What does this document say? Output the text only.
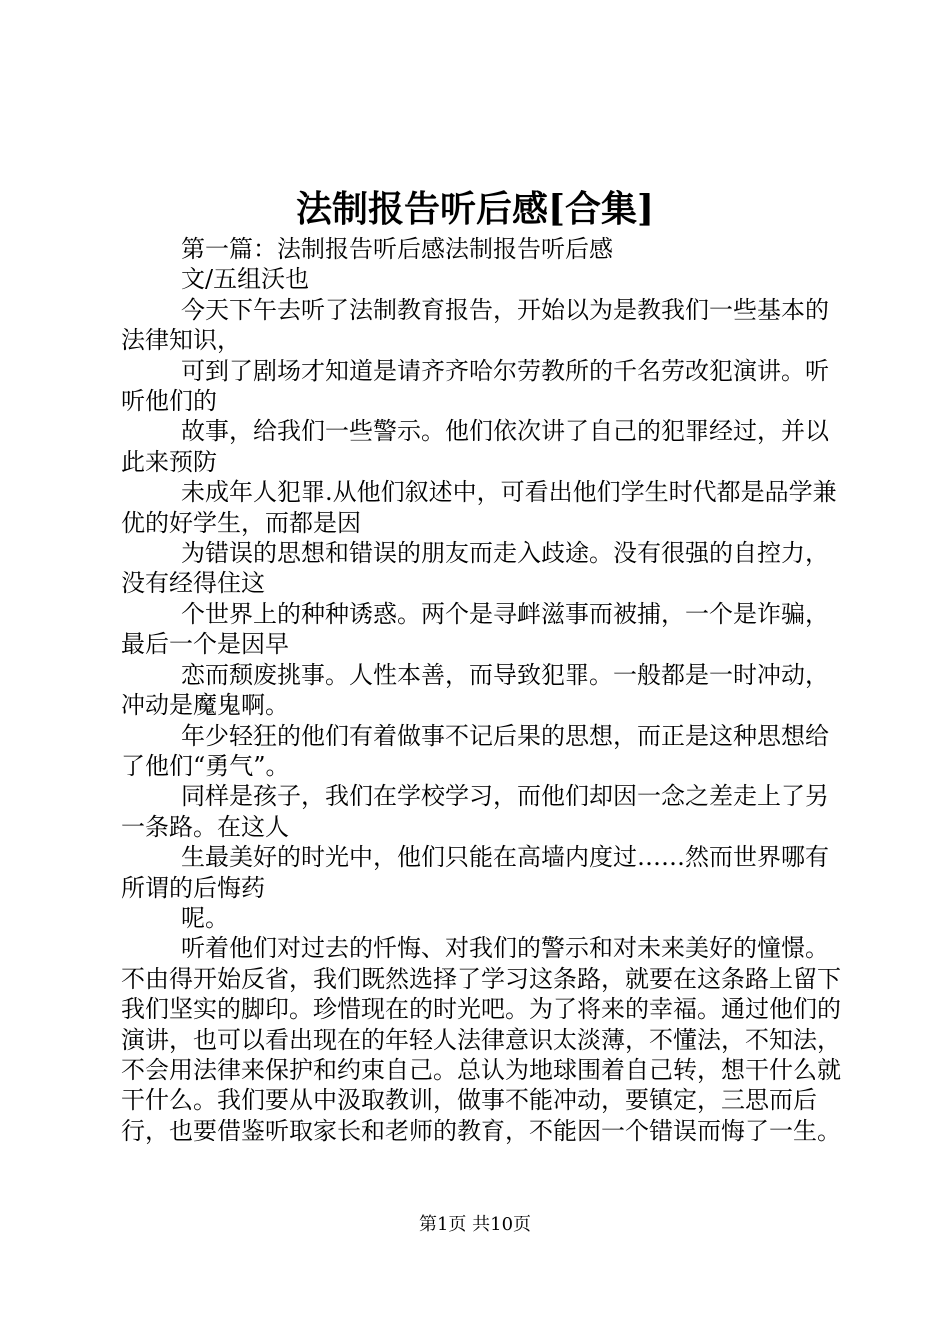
法制报告听后感[合集]

第一篇：法制报告听后感法制报告听后感

文/五组沃也

今天下午去听了法制教育报告，开始以为是教我们一些基本的法律知识，

可到了剧场才知道是请齐齐哈尔劳教所的千名劳改犯演讲。听听他们的

故事，给我们一些警示。他们依次讲了自己的犯罪经过，并以此来预防

未成年人犯罪.从他们叙述中，可看出他们学生时代都是品学兼优的好学生，而都是因

为错误的思想和错误的朋友而走入歧途。没有很强的自控力，没有经得住这

个世界上的种种诱惑。两个是寻衅滋事而被捕，一个是诈骗，最后一个是因早

恋而颓废挑事。人性本善，而导致犯罪。一般都是一时冲动，冲动是魔鬼啊。

年少轻狂的他们有着做事不记后果的思想，而正是这种思想给了他们“勇气”。

同样是孩子，我们在学校学习，而他们却因一念之差走上了另一条路。在这人

生最美好的时光中，他们只能在高墙内度过……然而世界哪有所谓的后悔药

呢。

听着他们对过去的忏悔、对我们的警示和对未来美好的憧憬。不由得开始反省，我们既然选择了学习这条路，就要在这条路上留下我们坚实的脚印。珍惜现在的时光吧。为了将来的幸福。通过他们的演讲，也可以看出现在的年轻人法律意识太淡薄，不懂法，不知法，不会用法律来保护和约束自己。总认为地球围着自己转，想干什么就干什么。我们要从中汲取教训，做事不能冲动，要镇定，三思而后行，也要借鉴听取家长和老师的教育，不能因一个错误而悔了一生。

第1页 共10页
